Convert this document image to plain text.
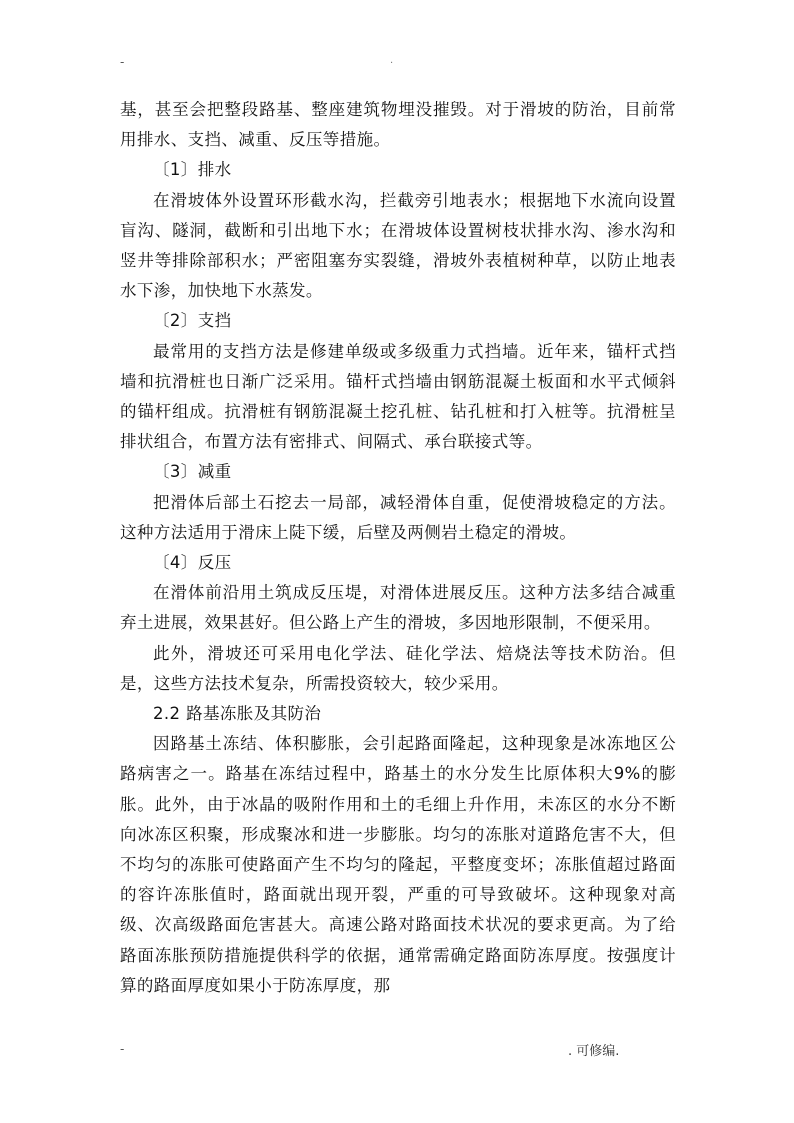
-	.

基，甚至会把整段路基、整座建筑物埋没摧毁。对于滑坡的防治，目前常用排水、支挡、减重、反压等措施。

〔1〕排水

在滑坡体外设置环形截水沟，拦截旁引地表水；根据地下水流向设置盲沟、隧洞，截断和引出地下水；在滑坡体设置树枝状排水沟、渗水沟和竖井等排除部积水；严密阻塞夯实裂缝，滑坡外表植树种草，以防止地表水下渗，加快地下水蒸发。

〔2〕支挡

最常用的支挡方法是修建单级或多级重力式挡墙。近年来，锚杆式挡墙和抗滑桩也日渐广泛采用。锚杆式挡墙由钢筋混凝土板面和水平式倾斜的锚杆组成。抗滑桩有钢筋混凝土挖孔桩、钻孔桩和打入桩等。抗滑桩呈排状组合，布置方法有密排式、间隔式、承台联接式等。

〔3〕减重

把滑体后部土石挖去一局部，减轻滑体自重，促使滑坡稳定的方法。这种方法适用于滑床上陡下缓，后壁及两侧岩土稳定的滑坡。

〔4〕反压

在滑体前沿用土筑成反压堤，对滑体进展反压。这种方法多结合减重弃土进展，效果甚好。但公路上产生的滑坡，多因地形限制，不便采用。

此外，滑坡还可采用电化学法、硅化学法、焙烧法等技术防治。但是，这些方法技术复杂，所需投资较大，较少采用。

2.2 路基冻胀及其防治

因路基土冻结、体积膨胀，会引起路面隆起，这种现象是冰冻地区公路病害之一。路基在冻结过程中，路基土的水分发生比原体积大9%的膨胀。此外，由于冰晶的吸附作用和土的毛细上升作用，未冻区的水分不断向冰冻区积聚，形成聚冰和进一步膨胀。均匀的冻胀对道路危害不大，但不均匀的冻胀可使路面产生不均匀的隆起，平整度变坏；冻胀值超过路面的容许冻胀值时，路面就出现开裂，严重的可导致破坏。这种现象对高级、次高级路面危害甚大。高速公路对路面技术状况的要求更高。为了给路面冻胀预防措施提供科学的依据，通常需确定路面防冻厚度。按强度计算的路面厚度如果小于防冻厚度，那

-	. 可修编.
